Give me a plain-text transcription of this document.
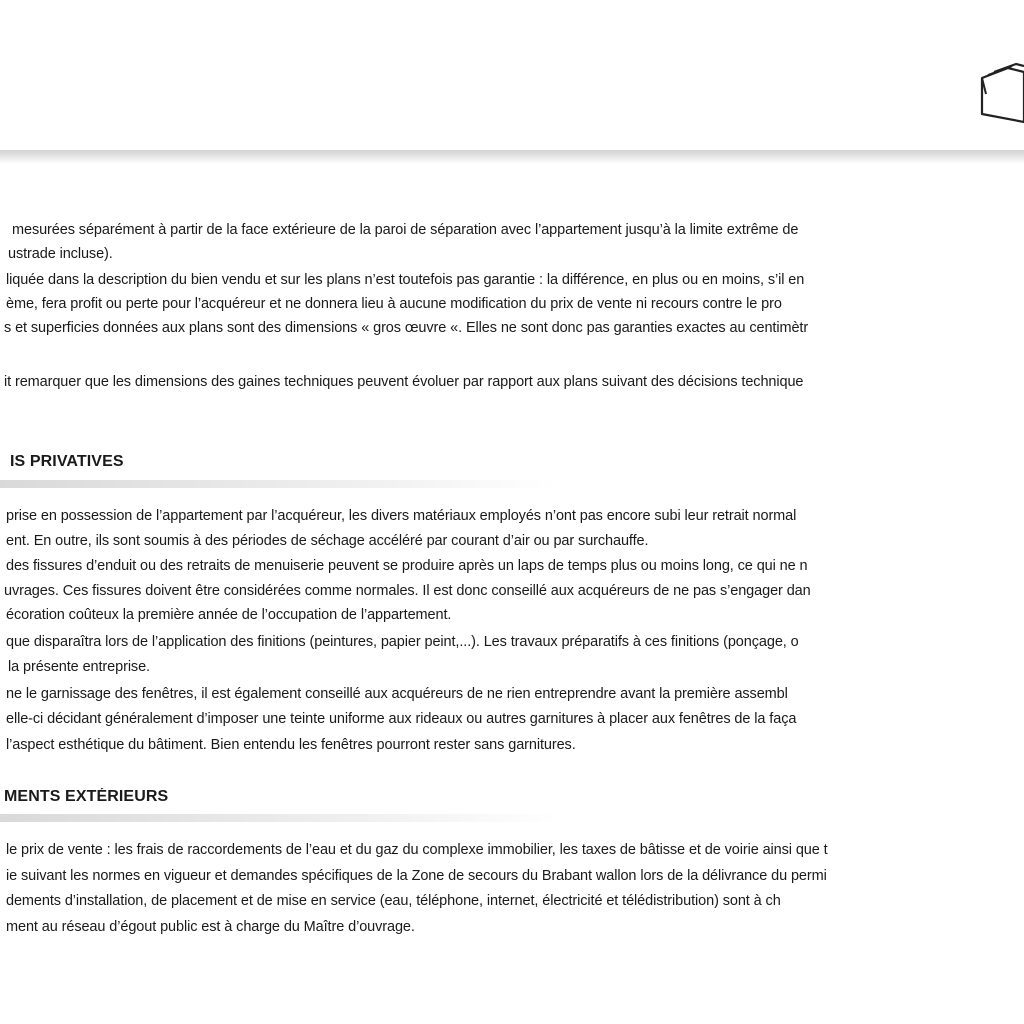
mesurées séparément à partir de la face extérieure de la paroi de séparation avec l’appartement jusqu’à la limite extrême de
ustrade incluse).
liquée dans la description du bien vendu et sur les plans n’est toutefois pas garantie : la différence, en plus ou en moins, s’il en
ème, fera profit ou perte pour l’acquéreur et ne donnera lieu à aucune modification du prix de vente ni recours contre le pro
s et superficies données aux plans sont des dimensions « gros œuvre «. Elles ne sont donc pas garanties exactes au centimètr
it remarquer que les dimensions des gaines techniques peuvent évoluer par rapport aux plans suivant des décisions technique
IS PRIVATIVES
prise en possession de l’appartement par l’acquéreur, les divers matériaux employés n’ont pas encore subi leur retrait normal
ent. En outre, ils sont soumis à des périodes de séchage accéléré par courant d’air ou par surchauffe.
des fissures d’enduit ou des retraits de menuiserie peuvent se produire après un laps de temps plus ou moins long, ce qui ne n
uvrages. Ces fissures doivent être considérées comme normales. Il est donc conseillé aux acquéreurs de ne pas s’engager dan
écoration coûteux la première année de l’occupation de l’appartement.
que disparaîtra lors de l’application des finitions (peintures, papier peint,...). Les travaux préparatifs à ces finitions (ponçage, o
la présente entreprise.
ne le garnissage des fenêtres, il est également conseillé aux acquéreurs de ne rien entreprendre avant la première assembl
elle-ci décidant généralement d’imposer une teinte uniforme aux rideaux ou autres garnitures à placer aux fenêtres de la faça
l’aspect esthétique du bâtiment. Bien entendu les fenêtres pourront rester sans garnitures.
MENTS EXTÉRIEURS
le prix de vente : les frais de raccordements de l’eau et du gaz du complexe immobilier, les taxes de bâtisse et de voirie ainsi que t
ie suivant les normes en vigueur et demandes spécifiques de la Zone de secours du Brabant wallon lors de la délivrance du permi
dements d’installation, de placement et de mise en service (eau, téléphone, internet, électricité et télédistribution) sont à ch
ment au réseau d’égout public est à charge du Maître d’ouvrage.
